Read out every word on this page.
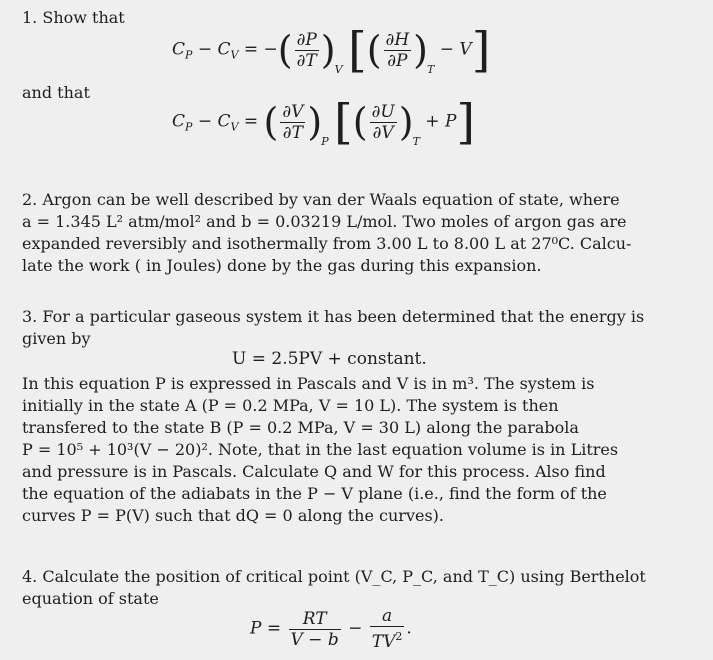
1. Show that
$C_P - C_V$ = −( $\frac{\partial P}{\partial T} )_V$ [( $\frac{\partial H}{\partial P} )_T - V$]
and that
$C_P - C_V$ = ( $\frac{\partial V}{\partial T} )_P$ [( $\frac{\partial U}{\partial V} )_T + P$]
2. Argon can be well described by van der Waals equation of state, where
a = 1.345 L² atm/mol² and b = 0.03219 L/mol. Two moles of argon gas are
expanded reversibly and isothermally from 3.00 L to 8.00 L at 27⁰C. Calcu-
late the work ( in Joules) done by the gas during this expansion.
3. For a particular gaseous system it has been determined that the energy is
given by
U = 2.5PV + constant.
In this equation P is expressed in Pascals and V is in m³. The system is
initially in the state A (P = 0.2 MPa, V = 10 L). The system is then
transfered to the state B (P = 0.2 MPa, V = 30 L) along the parabola
P = 10⁵ + 10³(V − 20)². Note, that in the last equation volume is in Litres
and pressure is in Pascals. Calculate Q and W for this process. Also find
the equation of the adiabats in the P − V plane (i.e., find the form of the
curves P = P(V) such that dQ = 0 along the curves).
4. Calculate the position of critical point (V_C, P_C, and T_C) using Berthelot
equation of state
$P = \frac{RT}{V - b} - \frac{a}{TV^2}$ .
